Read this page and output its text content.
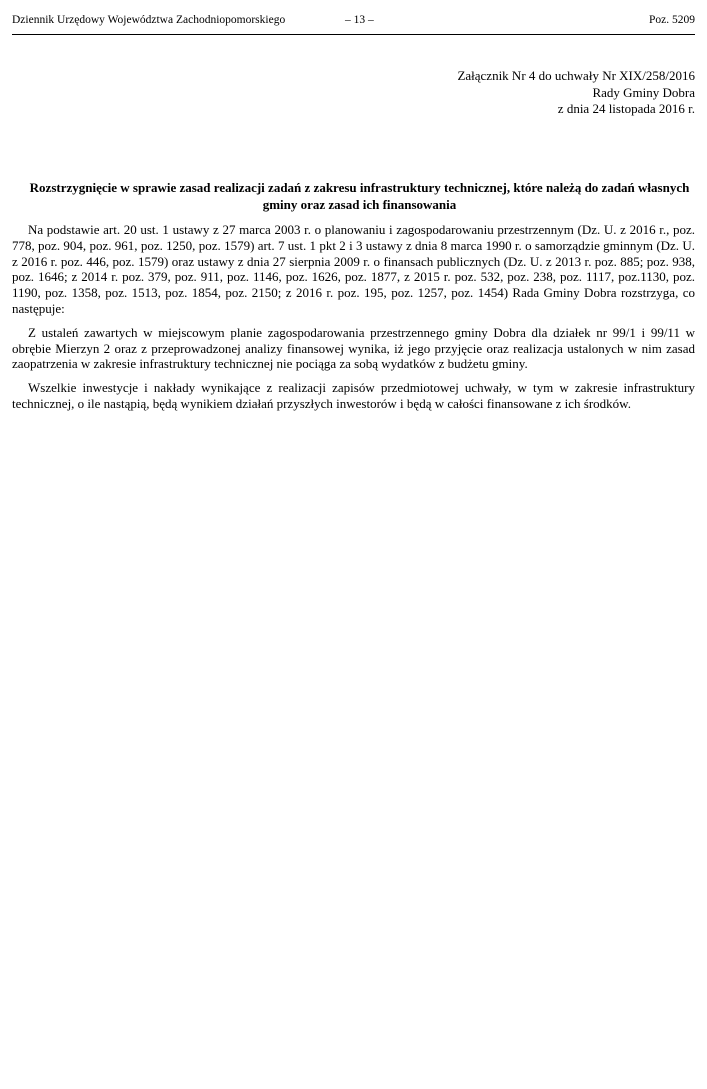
Dziennik Urzędowy Województwa Zachodniopomorskiego	– 13 –	Poz. 5209
Załącznik Nr 4 do uchwały Nr XIX/258/2016
Rady Gminy Dobra
z dnia 24 listopada 2016 r.
Rozstrzygnięcie w sprawie zasad realizacji zadań z zakresu infrastruktury technicznej, które należą do zadań własnych gminy oraz zasad ich finansowania

Na podstawie art. 20 ust. 1 ustawy z 27 marca 2003 r. o planowaniu i zagospodarowaniu przestrzennym (Dz. U. z 2016 r., poz. 778, poz. 904, poz. 961, poz. 1250, poz. 1579) art. 7 ust. 1 pkt 2 i 3 ustawy z dnia 8 marca 1990 r. o samorządzie gminnym (Dz. U. z 2016 r. poz. 446, poz. 1579) oraz ustawy z dnia 27 sierpnia 2009 r. o finansach publicznych (Dz. U. z 2013 r. poz. 885; poz. 938, poz. 1646; z 2014 r. poz. 379, poz. 911, poz. 1146, poz. 1626, poz. 1877, z 2015 r. poz. 532, poz. 238, poz. 1117, poz.1130, poz. 1190, poz. 1358, poz. 1513, poz. 1854, poz. 2150; z 2016 r. poz. 195, poz. 1257, poz. 1454) Rada Gminy Dobra rozstrzyga, co następuje:

Z ustaleń zawartych w miejscowym planie zagospodarowania przestrzennego gminy Dobra dla działek nr 99/1 i 99/11 w obrębie Mierzyn 2 oraz z przeprowadzonej analizy finansowej wynika, iż jego przyjęcie oraz realizacja ustalonych w nim zasad zaopatrzenia w zakresie infrastruktury technicznej nie pociąga za sobą wydatków z budżetu gminy.

Wszelkie inwestycje i nakłady wynikające z realizacji zapisów przedmiotowej uchwały, w tym w zakresie infrastruktury technicznej, o ile nastąpią, będą wynikiem działań przyszłych inwestorów i będą w całości finansowane z ich środków.
